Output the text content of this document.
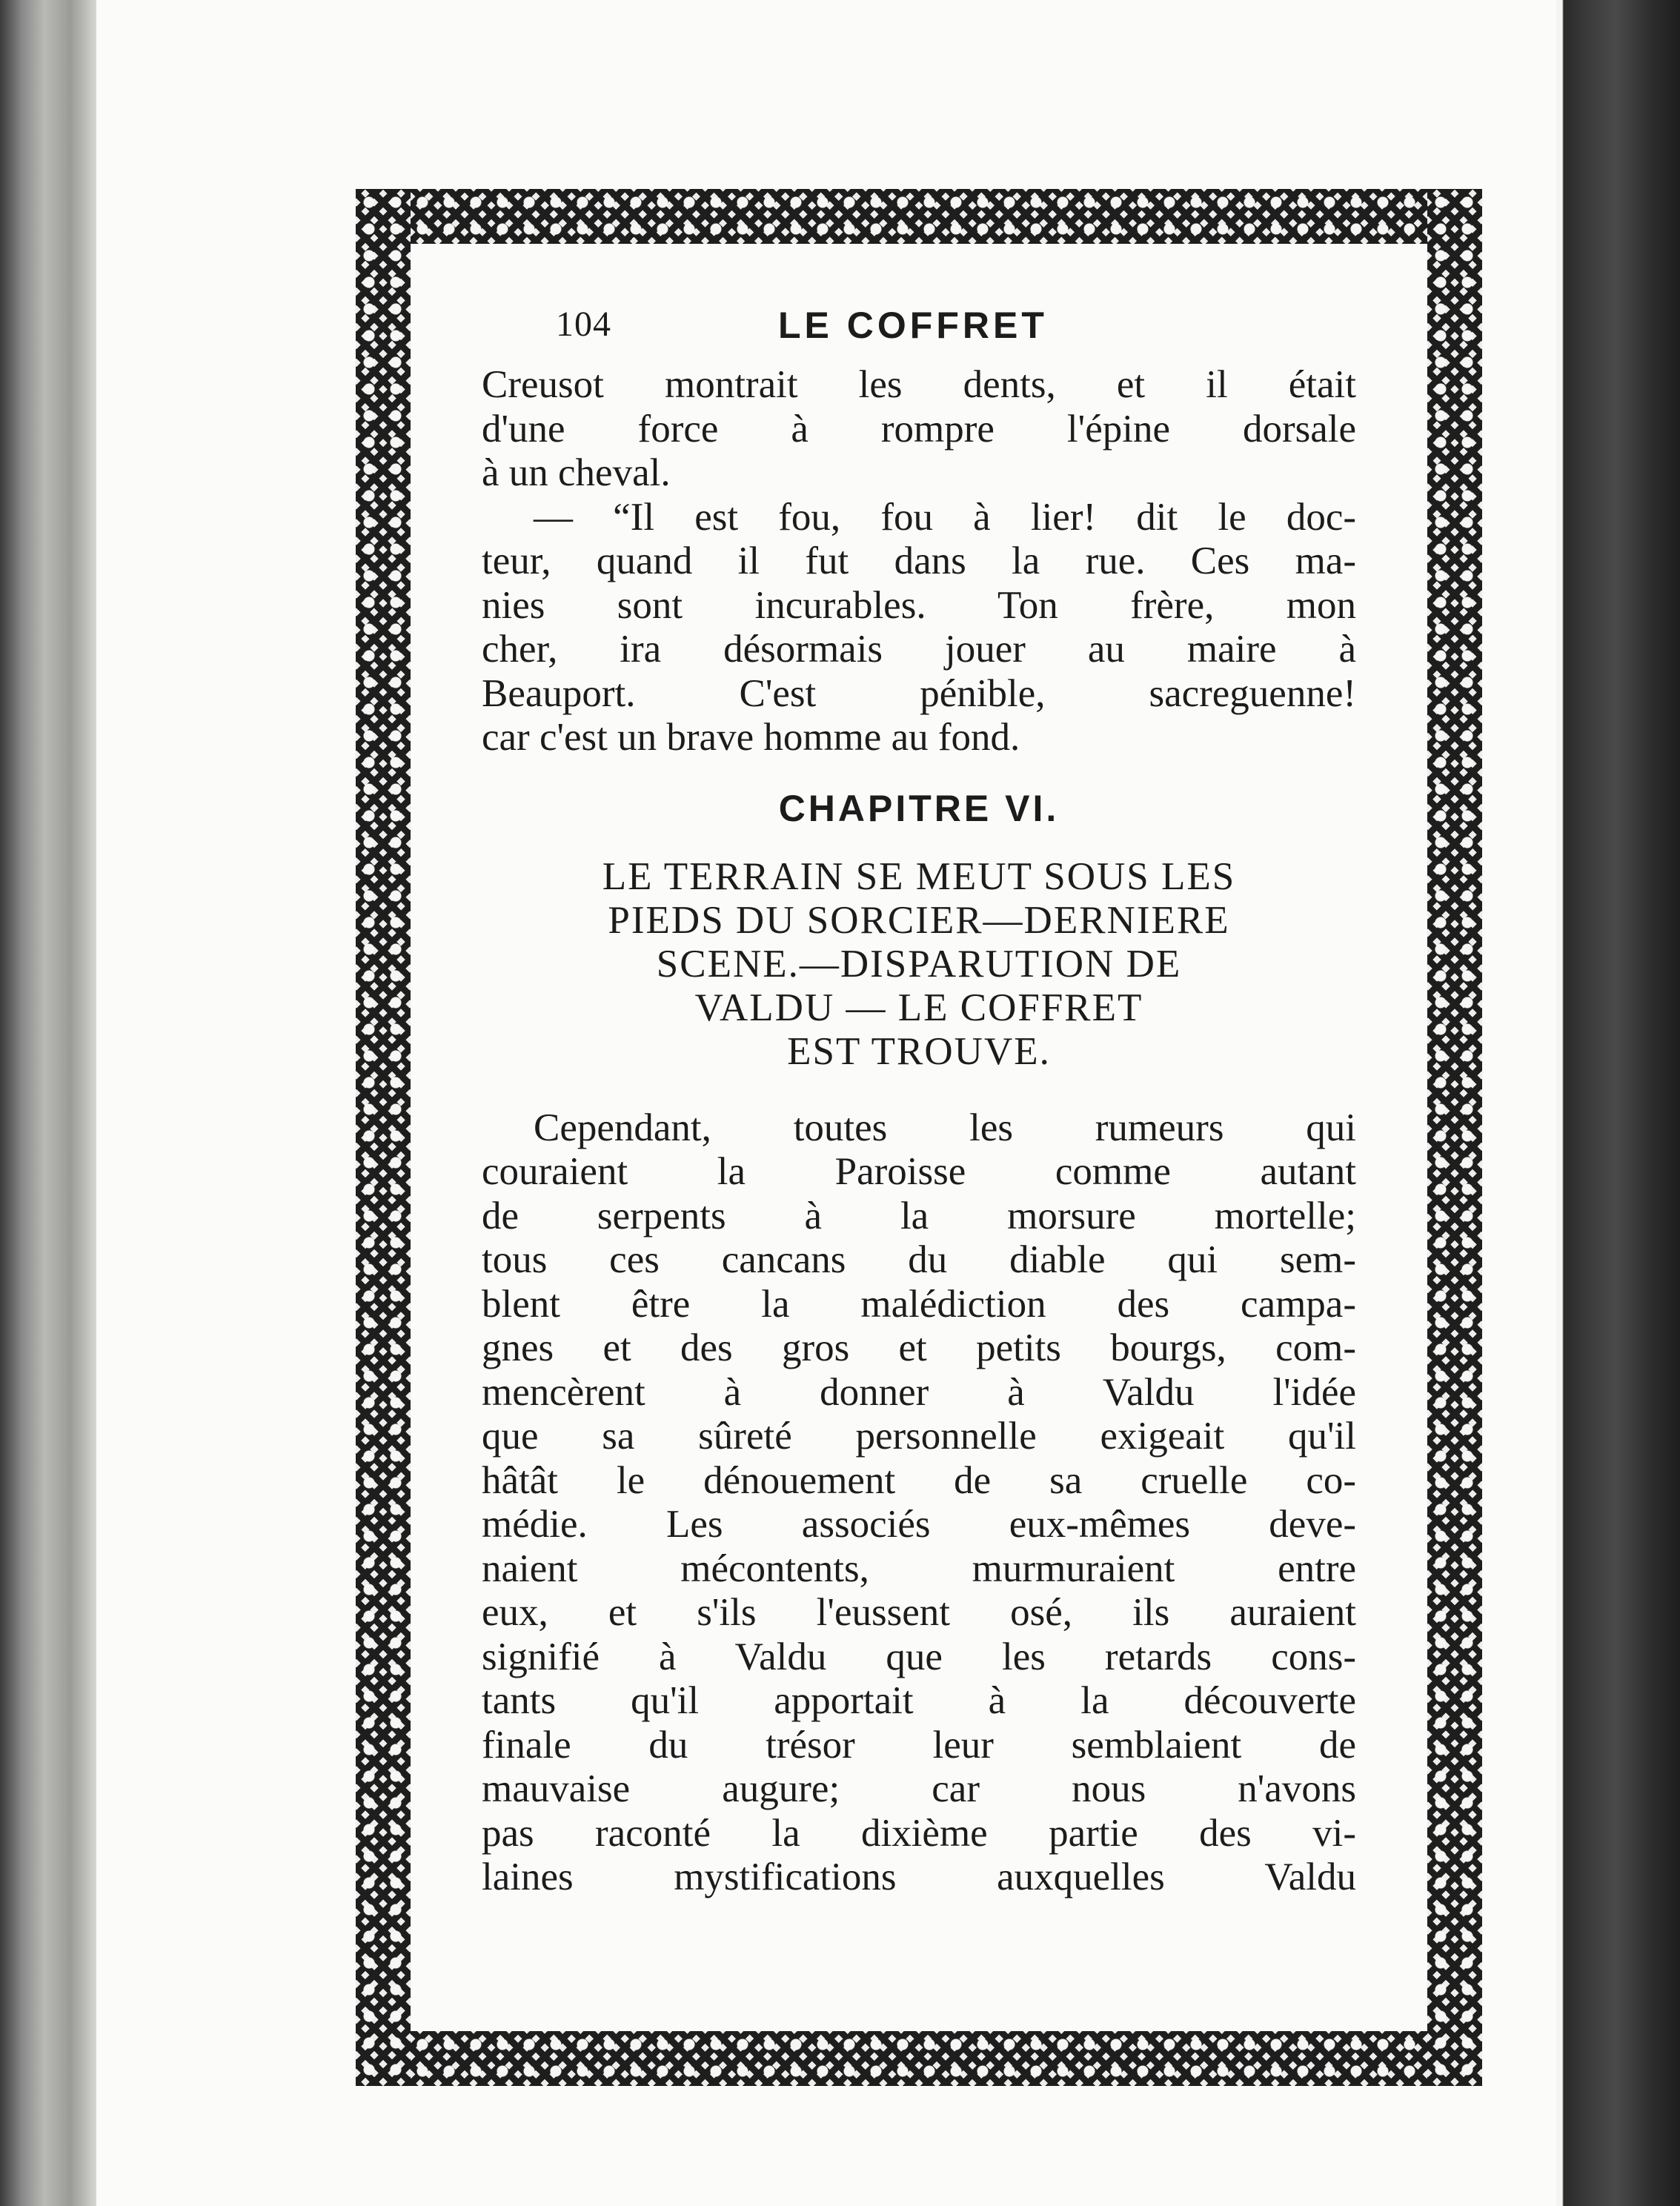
104	LE COFFRET
Creusot montrait les dents, et il était
d'une force à rompre l'épine dorsale
à un cheval.
— “Il est fou, fou à lier! dit le doc-
teur, quand il fut dans la rue. Ces ma-
nies sont incurables. Ton frère, mon
cher, ira désormais jouer au maire à
Beauport. C'est pénible, sacreguenne!
car c'est un brave homme au fond.
CHAPITRE VI.
LE TERRAIN SE MEUT SOUS LES
PIEDS DU SORCIER—DERNIERE
SCENE.—DISPARUTION DE
VALDU — LE COFFRET
EST TROUVE.
Cependant, toutes les rumeurs qui
couraient la Paroisse comme autant
de serpents à la morsure mortelle;
tous ces cancans du diable qui sem-
blent être la malédiction des campa-
gnes et des gros et petits bourgs, com-
mencèrent à donner à Valdu l'idée
que sa sûreté personnelle exigeait qu'il
hâtât le dénouement de sa cruelle co-
médie. Les associés eux-mêmes deve-
naient mécontents, murmuraient entre
eux, et s'ils l'eussent osé, ils auraient
signifié à Valdu que les retards cons-
tants qu'il apportait à la découverte
finale du trésor leur semblaient de
mauvaise augure; car nous n'avons
pas raconté la dixième partie des vi-
laines mystifications auxquelles Valdu
